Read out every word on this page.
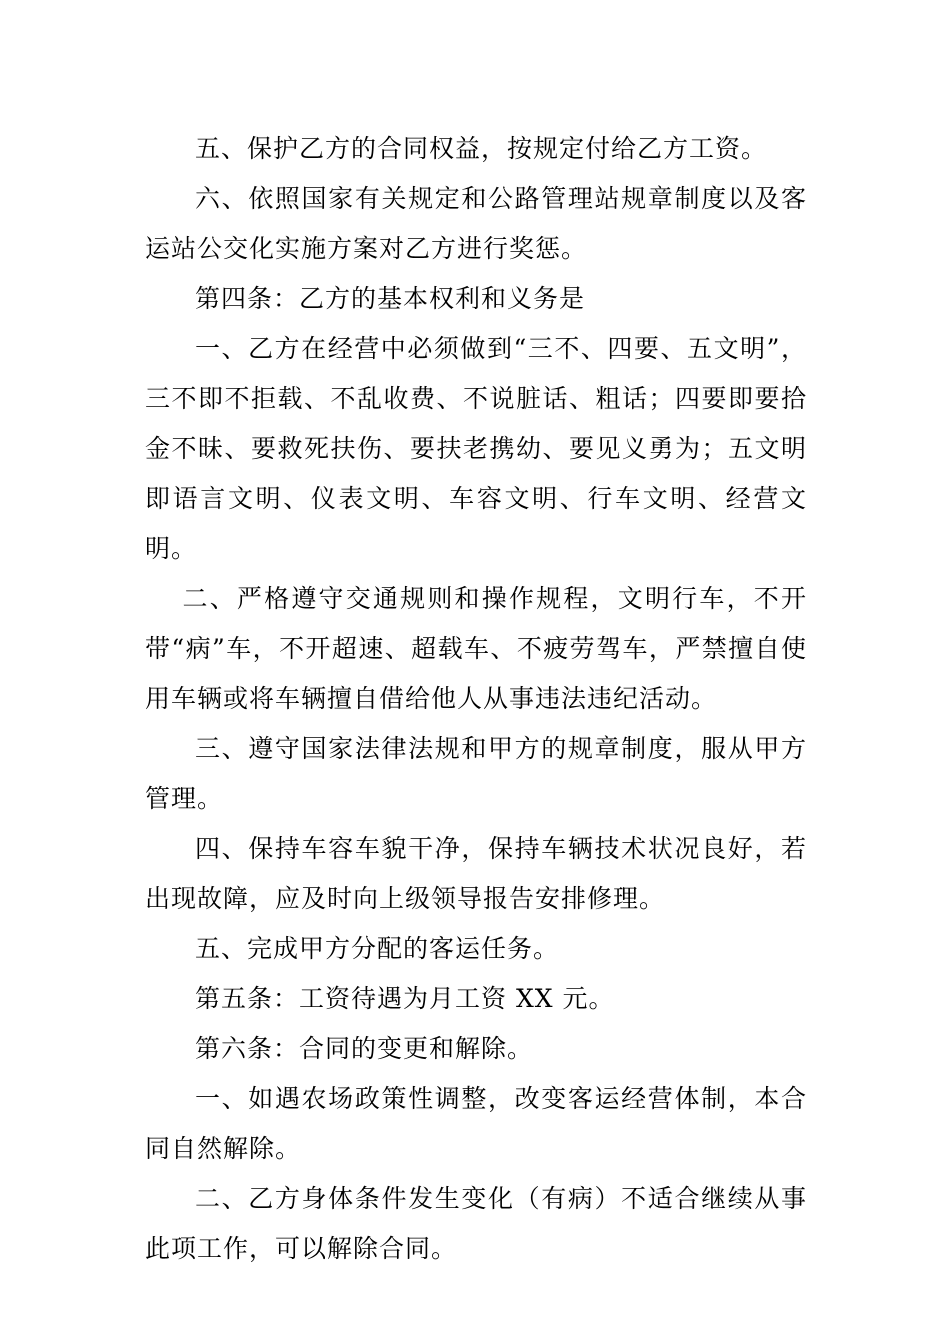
五、保护乙方的合同权益，按规定付给乙方工资。

六、依照国家有关规定和公路管理站规章制度以及客运站公交化实施方案对乙方进行奖惩。

第四条：乙方的基本权利和义务是

一、乙方在经营中必须做到“三不、四要、五文明”，三不即不拒载、不乱收费、不说脏话、粗话；四要即要拾金不昧、要救死扶伤、要扶老携幼、要见义勇为；五文明即语言文明、仪表文明、车容文明、行车文明、经营文明。

二、严格遵守交通规则和操作规程，文明行车，不开带“病”车，不开超速、超载车、不疲劳驾车，严禁擅自使用车辆或将车辆擅自借给他人从事违法违纪活动。

三、遵守国家法律法规和甲方的规章制度，服从甲方管理。

四、保持车容车貌干净，保持车辆技术状况良好，若出现故障，应及时向上级领导报告安排修理。

五、完成甲方分配的客运任务。

第五条：工资待遇为月工资 XX 元。

第六条：合同的变更和解除。

一、如遇农场政策性调整，改变客运经营体制，本合同自然解除。

二、乙方身体条件发生变化（有病）不适合继续从事此项工作，可以解除合同。
